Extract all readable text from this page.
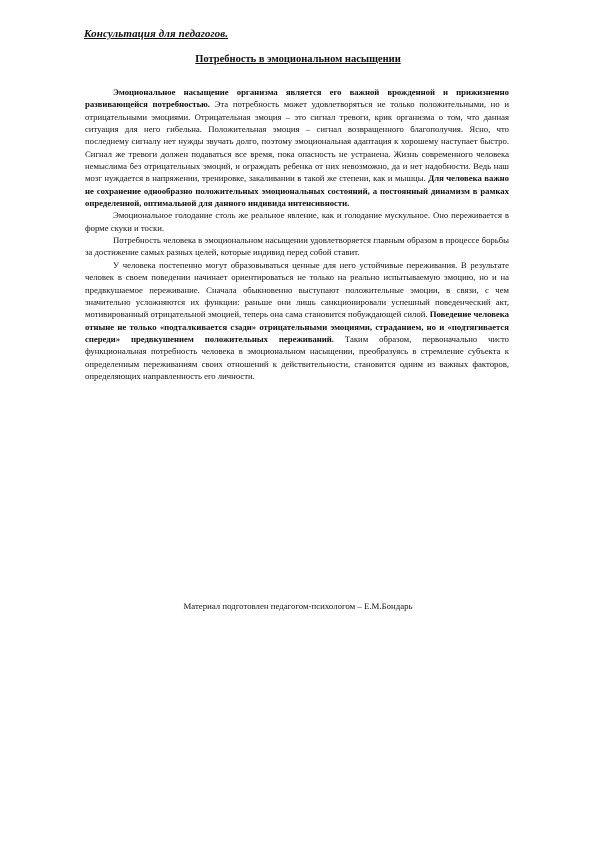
Консультация для педагогов.
Потребность в эмоциональном насыщении

Эмоциональное насыщение организма является его важной врожденной и прижизненно развивающейся потребностью. Эта потребность может удовлетворяться не только положительными, но и отрицательными эмоциями. Отрицательная эмоция – это сигнал тревоги, крик организма о том, что данная ситуация для него гибельна. Положительная эмоция – сигнал возвращенного благополучия. Ясно, что последнему сигналу нет нужды звучать долго, поэтому эмоциональная адаптация к хорошему наступает быстро. Сигнал же тревоги должен подаваться все время, пока опасность не устранена. Жизнь современного человека немыслима без отрицательных эмоций, и ограждать ребенка от них невозможно, да и нет надобности. Ведь наш мозг нуждается в напряжении, тренировке, закаливании в такой же степени, как и мышцы. Для человека важно не сохранение однообразно положительных эмоциональных состояний, а постоянный динамизм в рамках определенной, оптимальной для данного индивида интенсивности.

Эмоциональное голодание столь же реальное явление, как и голодание мускульное. Оно переживается в форме скуки и тоски.

Потребность человека в эмоциональном насыщении удовлетворяется главным образом в процессе борьбы за достижение самых разных целей, которые индивид перед собой ставит.

У человека постепенно могут образовываться ценные для него устойчивые переживания. В результате человек в своем поведении начинает ориентироваться не только на реально испытываемую эмоцию, но и на предвкушаемое переживание. Сначала обыкновенно выступают положительные эмоции, в связи, с чем значительно усложняются их функции: раньше они лишь санкционировали успешный поведенческий акт, мотивированный отрицательной эмоцией, теперь она сама становится побуждающей силой. Поведение человека отныне не только «подталкивается сзади» отрицательными эмоциями, страданием, но и «подтягивается спереди» предвкушением положительных переживаний. Таким образом, первоначально чисто функциональная потребность человека в эмоциональном насыщении, преобразуясь в стремление субъекта к определенным переживаниям своих отношений к действительности, становится одним из важных факторов, определяющих направленность его личности.

Материал подготовлен педагогом-психологом – Е.М.Бондарь
